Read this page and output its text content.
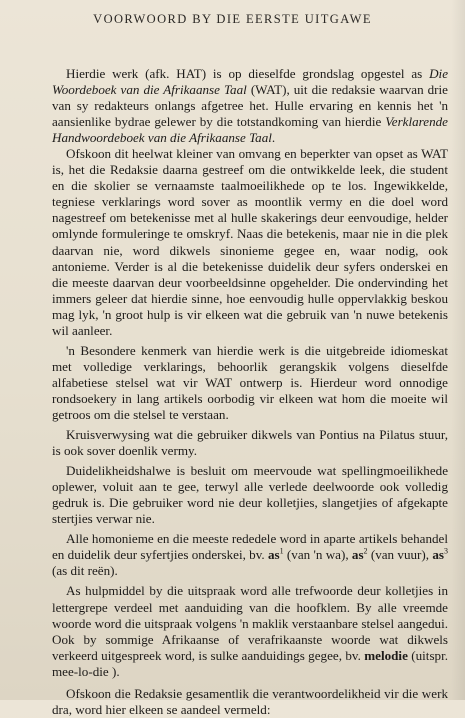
VOORWOORD BY DIE EERSTE UITGAWE

Hierdie werk (afk. HAT) is op dieselfde grondslag opgestel as Die Woordeboek van die Afrikaanse Taal (WAT), uit die redaksie waarvan drie van sy redakteurs onlangs afgetree het. Hulle ervaring en kennis het 'n aansienlike bydrae gelewer by die totstandkoming van hierdie Verklarende Handwoordeboek van die Afrikaanse Taal.

Ofskoon dit heelwat kleiner van omvang en beperkter van opset as WAT is, het die Redaksie daarna gestreef om die ontwikkelde leek, die student en die skolier se vernaamste taalmoeilikhede op te los. Ingewikkelde, tegniese verklarings word sover as moontlik vermy en die doel word nagestreef om betekenisse met al hulle skakerings deur eenvoudige, helder omlynde formuleringe te omskryf. Naas die betekenis, maar nie in die plek daarvan nie, word dikwels sinonieme gegee en, waar nodig, ook antonieme. Verder is al die betekenisse duidelik deur syfers onderskei en die meeste daarvan deur voorbeeldsinne opgehelder. Die ondervinding het immers geleer dat hierdie sinne, hoe eenvoudig hulle oppervlakkig beskou mag lyk, 'n groot hulp is vir elkeen wat die gebruik van 'n nuwe betekenis wil aanleer.

'n Besondere kenmerk van hierdie werk is die uitgebreide idiomeskat met volledige verklarings, behoorlik gerangskik volgens dieselfde alfabetiese stelsel wat vir WAT ontwerp is. Hierdeur word onnodige rondsoekery in lang artikels oorbodig vir elkeen wat hom die moeite wil getroos om die stelsel te verstaan.

Kruisverwysing wat die gebruiker dikwels van Pontius na Pilatus stuur, is ook sover doenlik vermy.

Duidelikheidshalwe is besluit om meervoude wat spellingmoeilikhede oplewer, voluit aan te gee, terwyl alle verlede deelwoorde ook volledig gedruk is. Die gebruiker word nie deur kolletjies, slangetjies of afgekapte stertjies verwar nie.

Alle homonieme en die meeste rededele word in aparte artikels behandel en duidelik deur syfertjies onderskei, bv. $as^1$ (van 'n wa), $as^2$ (van vuur), $as^3$ (as dit reën).

As hulpmiddel by die uitspraak word alle trefwoorde deur kolletjies in lettergrepe verdeel met aanduiding van die hoofklem. By alle vreemde woorde word die uitspraak volgens 'n maklik verstaanbare stelsel aangedui. Ook by sommige Afrikaanse of verafrikaanste woorde wat dikwels verkeerd uitgespreek word, is sulke aanduidings gegee, bv. melodie (uitspr. mee-lo-die ).

Ofskoon die Redaksie gesamentlik die verantwoordelikheid vir die werk dra, word hier elkeen se aandeel vermeld:
